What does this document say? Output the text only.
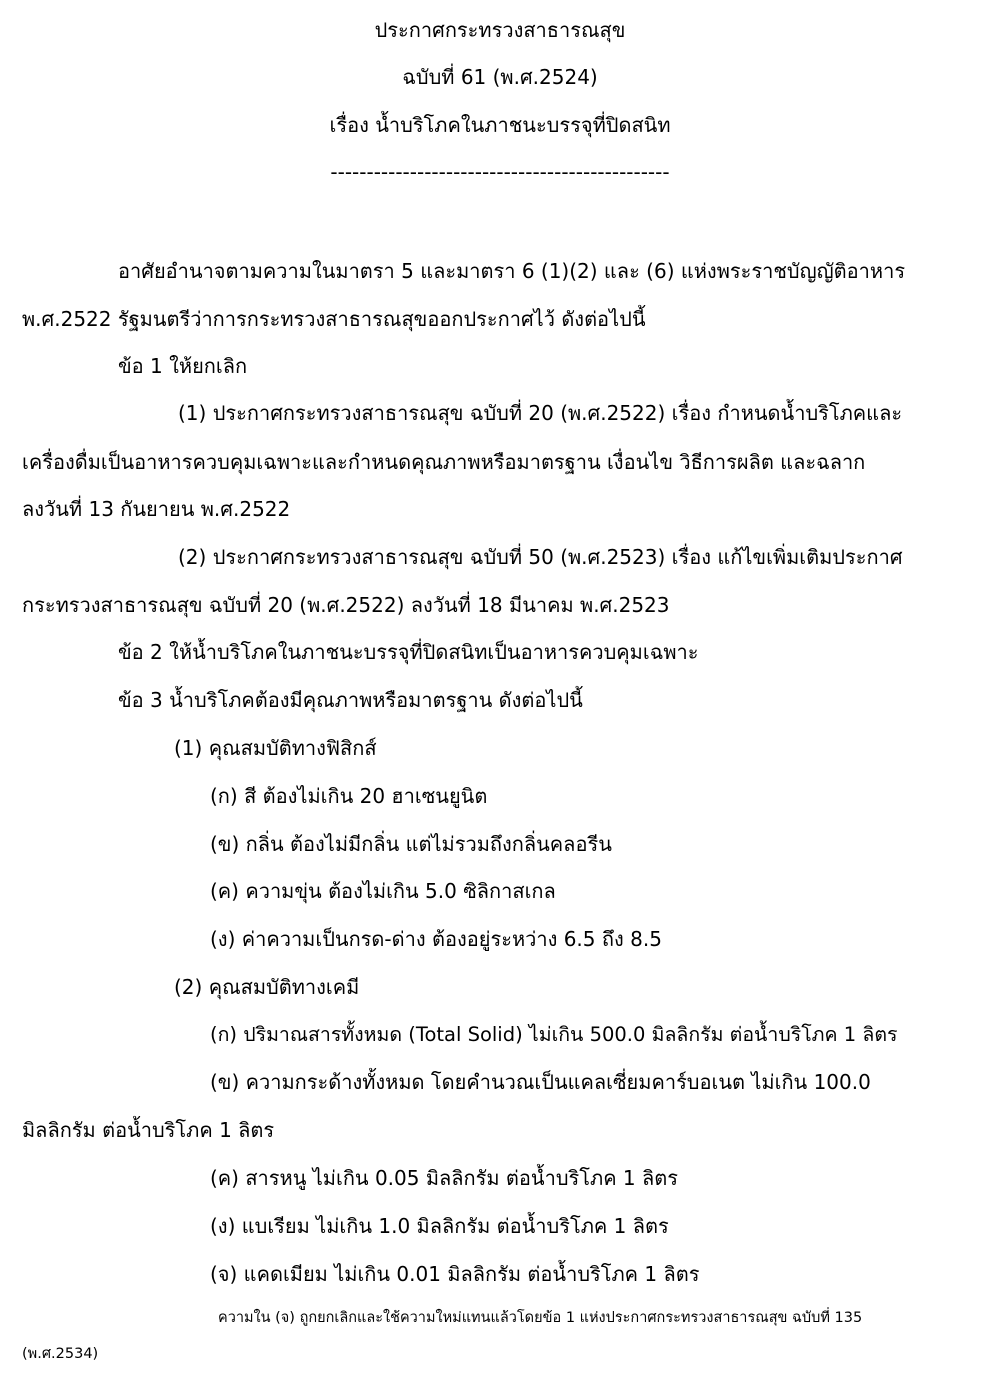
ประกาศกระทรวงสาธารณสุข
ฉบับที่ 61 (พ.ศ.2524)
เรื่อง น้ำบริโภคในภาชนะบรรจุที่ปิดสนิท
-----------------------------------------------
อาศัยอำนาจตามความในมาตรา 5 และมาตรา 6 (1)(2) และ (6) แห่งพระราชบัญญัติอาหาร
พ.ศ.2522 รัฐมนตรีว่าการกระทรวงสาธารณสุขออกประกาศไว้ ดังต่อไปนี้
ข้อ 1 ให้ยกเลิก
(1) ประกาศกระทรวงสาธารณสุข ฉบับที่ 20 (พ.ศ.2522) เรื่อง กำหนดน้ำบริโภคและ
เครื่องดื่มเป็นอาหารควบคุมเฉพาะและกำหนดคุณภาพหรือมาตรฐาน เงื่อนไข วิธีการผลิต และฉลาก
ลงวันที่ 13 กันยายน พ.ศ.2522
(2) ประกาศกระทรวงสาธารณสุข ฉบับที่ 50 (พ.ศ.2523) เรื่อง แก้ไขเพิ่มเติมประกาศ
กระทรวงสาธารณสุข ฉบับที่ 20 (พ.ศ.2522) ลงวันที่ 18 มีนาคม พ.ศ.2523
ข้อ 2 ให้น้ำบริโภคในภาชนะบรรจุที่ปิดสนิทเป็นอาหารควบคุมเฉพาะ
ข้อ 3 น้ำบริโภคต้องมีคุณภาพหรือมาตรฐาน ดังต่อไปนี้
(1) คุณสมบัติทางฟิสิกส์
(ก) สี ต้องไม่เกิน 20 ฮาเซนยูนิต
(ข) กลิ่น ต้องไม่มีกลิ่น แต่ไม่รวมถึงกลิ่นคลอรีน
(ค) ความขุ่น ต้องไม่เกิน 5.0 ซิลิกาสเกล
(ง) ค่าความเป็นกรด-ด่าง ต้องอยู่ระหว่าง 6.5 ถึง 8.5
(2) คุณสมบัติทางเคมี
(ก) ปริมาณสารทั้งหมด (Total Solid) ไม่เกิน 500.0 มิลลิกรัม ต่อน้ำบริโภค 1 ลิตร
(ข) ความกระด้างทั้งหมด โดยคำนวณเป็นแคลเซี่ยมคาร์บอเนต ไม่เกิน 100.0
มิลลิกรัม ต่อน้ำบริโภค 1 ลิตร
(ค) สารหนู ไม่เกิน 0.05 มิลลิกรัม ต่อน้ำบริโภค 1 ลิตร
(ง) แบเรียม ไม่เกิน 1.0 มิลลิกรัม ต่อน้ำบริโภค 1 ลิตร
(จ) แคดเมียม ไม่เกิน 0.01 มิลลิกรัม ต่อน้ำบริโภค 1 ลิตร
ความใน (จ) ถูกยกเลิกและใช้ความใหม่แทนแล้วโดยข้อ 1 แห่งประกาศกระทรวงสาธารณสุข ฉบับที่ 135
(พ.ศ.2534)
